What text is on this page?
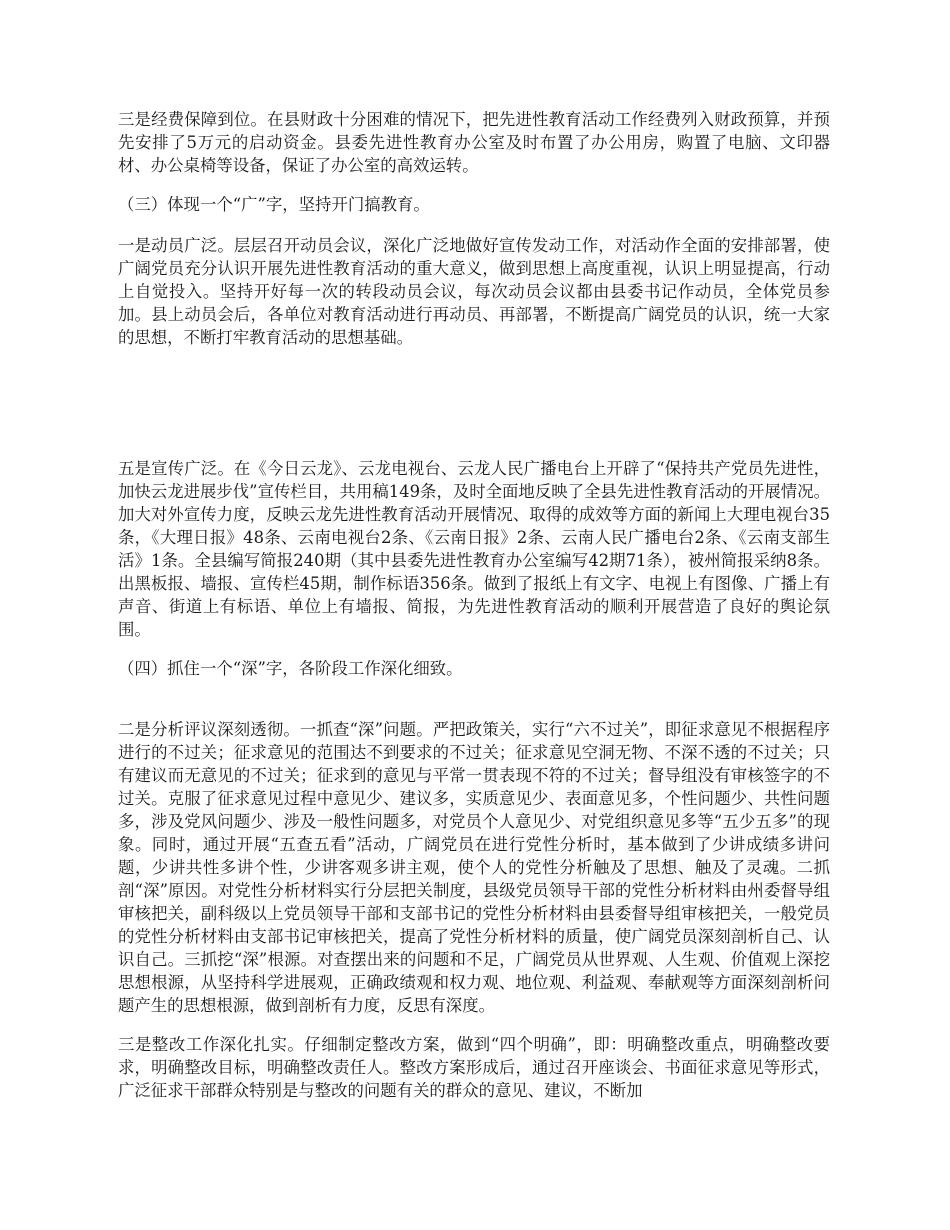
三是经费保障到位。在县财政十分困难的情况下，把先进性教育活动工作经费列入财政预算，并预先安排了5万元的启动资金。县委先进性教育办公室及时布置了办公用房，购置了电脑、文印器材、办公桌椅等设备，保证了办公室的高效运转。

（三）体现一个“广”字，坚持开门搞教育。

一是动员广泛。层层召开动员会议，深化广泛地做好宣传发动工作，对活动作全面的安排部署，使广阔党员充分认识开展先进性教育活动的重大意义，做到思想上高度重视，认识上明显提高，行动上自觉投入。坚持开好每一次的转段动员会议，每次动员会议都由县委书记作动员，全体党员参加。县上动员会后，各单位对教育活动进行再动员、再部署，不断提高广阔党员的认识，统一大家的思想，不断打牢教育活动的思想基础。

五是宣传广泛。在《今日云龙》、云龙电视台、云龙人民广播电台上开辟了“保持共产党员先进性，加快云龙进展步伐”宣传栏目，共用稿149条，及时全面地反映了全县先进性教育活动的开展情况。加大对外宣传力度，反映云龙先进性教育活动开展情况、取得的成效等方面的新闻上大理电视台35条，《大理日报》48条、云南电视台2条、《云南日报》2条、云南人民广播电台2条、《云南支部生活》1条。全县编写简报240期（其中县委先进性教育办公室编写42期71条），被州简报采纳8条。出黑板报、墙报、宣传栏45期，制作标语356条。做到了报纸上有文字、电视上有图像、广播上有声音、街道上有标语、单位上有墙报、简报，为先进性教育活动的顺利开展营造了良好的舆论氛围。

（四）抓住一个“深”字，各阶段工作深化细致。

二是分析评议深刻透彻。一抓查“深”问题。严把政策关，实行“六不过关”，即征求意见不根据程序进行的不过关；征求意见的范围达不到要求的不过关；征求意见空洞无物、不深不透的不过关；只有建议而无意见的不过关；征求到的意见与平常一贯表现不符的不过关；督导组没有审核签字的不过关。克服了征求意见过程中意见少、建议多，实质意见少、表面意见多，个性问题少、共性问题多，涉及党风问题少、涉及一般性问题多，对党员个人意见少、对党组织意见多等“五少五多”的现象。同时，通过开展“五查五看”活动，广阔党员在进行党性分析时，基本做到了少讲成绩多讲问题，少讲共性多讲个性，少讲客观多讲主观，使个人的党性分析触及了思想、触及了灵魂。二抓剖“深”原因。对党性分析材料实行分层把关制度，县级党员领导干部的党性分析材料由州委督导组审核把关，副科级以上党员领导干部和支部书记的党性分析材料由县委督导组审核把关，一般党员的党性分析材料由支部书记审核把关，提高了党性分析材料的质量，使广阔党员深刻剖析自己、认识自己。三抓挖“深”根源。对查摆出来的问题和不足，广阔党员从世界观、人生观、价值观上深挖思想根源，从坚持科学进展观，正确政绩观和权力观、地位观、利益观、奉献观等方面深刻剖析问题产生的思想根源，做到剖析有力度，反思有深度。

三是整改工作深化扎实。仔细制定整改方案，做到“四个明确”，即：明确整改重点，明确整改要求，明确整改目标，明确整改责任人。整改方案形成后，通过召开座谈会、书面征求意见等形式，广泛征求干部群众特别是与整改的问题有关的群众的意见、建议，不断加
